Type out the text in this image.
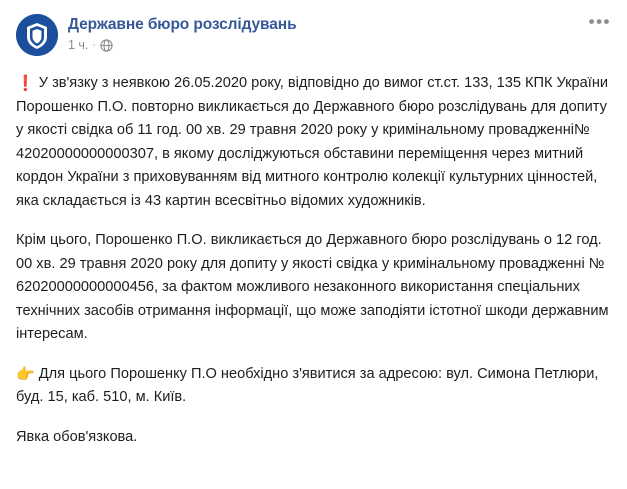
Державне бюро розслідувань
1 ч. ·
•••

❗ У зв'язку з неявкою 26.05.2020 року, відповідно до вимог ст.ст. 133, 135 КПК України Порошенко П.О. повторно викликається до Державного бюро розслідувань для допиту у якості свідка об 11 год. 00 хв. 29 травня 2020 року у кримінальному провадженні№ 42020000000000307, в якому досліджуються обставини переміщення через митний кордон України з приховуванням від митного контролю колекції культурних цінностей, яка складається із 43 картин всесвітньо відомих художників.

Крім цього, Порошенко П.О. викликається до Державного бюро розслідувань о 12 год. 00 хв. 29 травня 2020 року для допиту у якості свідка у кримінальному провадженні № 62020000000000456, за фактом можливого незаконного використання спеціальних технічних засобів отримання інформації, що може заподіяти істотної шкоди державним інтересам.

👉 Для цього Порошенку П.О необхідно з'явитися за адресою: вул. Симона Петлюри, буд. 15, каб. 510, м. Київ.

Явка обов'язкова.
